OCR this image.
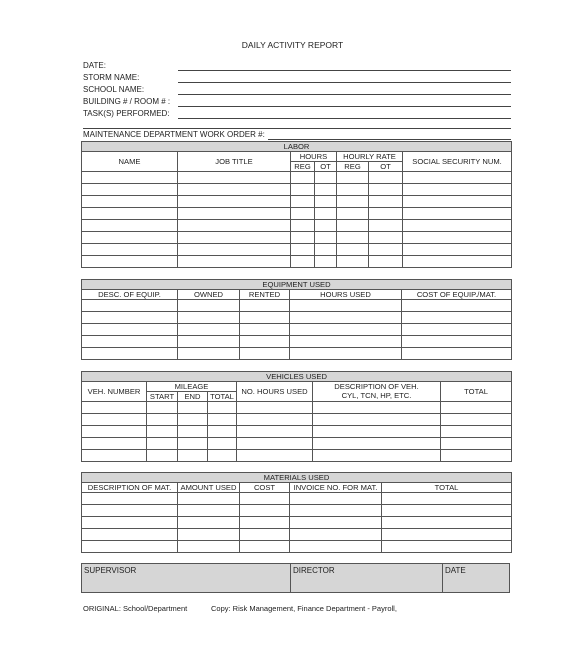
DAILY ACTIVITY REPORT
DATE:
STORM NAME:
SCHOOL NAME:
BUILDING # / ROOM # :
TASK(S) PERFORMED:
MAINTENANCE DEPARTMENT WORK ORDER #:
LABOR						
NAME	JOB TITLE	HOURS		HOURLY RATE		SOCIAL SECURITY NUM.
		REG	OT	REG	OT	

EQUIPMENT USED				
DESC. OF EQUIP.	OWNED	RENTED	HOURS USED	COST OF EQUIP./MAT.

VEHICLES USED						
VEH. NUMBER	MILEAGE			NO. HOURS USED	DESCRIPTION OF VEH.	TOTAL
	START	END	TOTAL		CYL, TCN, HP, ETC.	

MATERIALS USED				
DESCRIPTION OF MAT.	AMOUNT USED	COST	INVOICE NO. FOR MAT.	TOTAL

SUPERVISOR	DIRECTOR	DATE
ORIGINAL: School/Department	Copy: Risk Management, Finance Department - Payroll,
